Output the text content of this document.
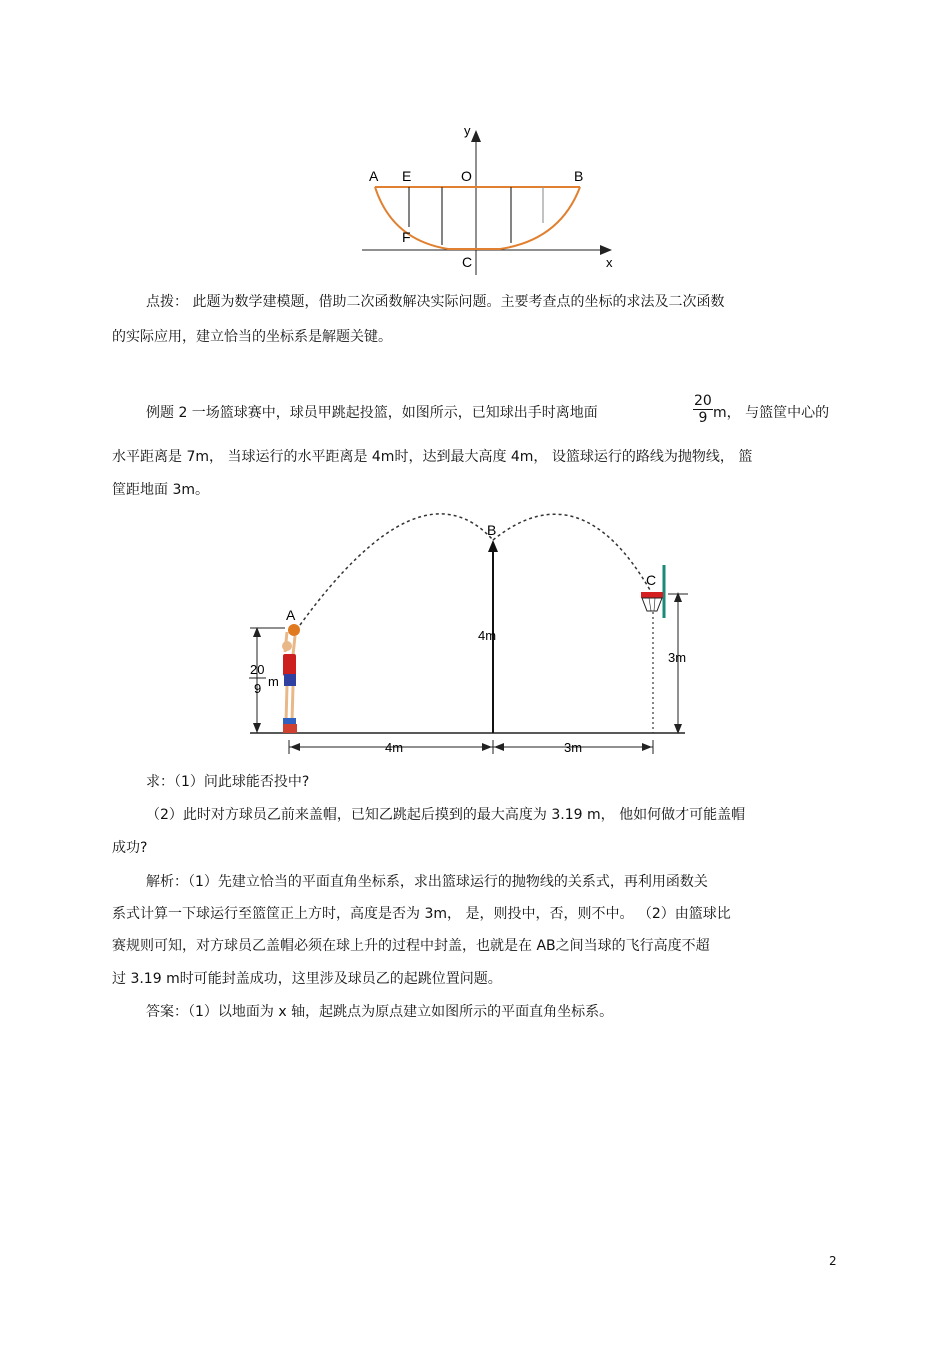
A E	O	B
F
C	x
y
点拨： 此题为数学建模题，借助二次函数解决实际问题。主要考查点的坐标的求法及二次函数
的实际应用，建立恰当的坐标系是解题关键。
例题 2 一场篮球赛中，球员甲跳起投篮，如图所示，已知球出手时离地面	$\frac{20}{9}$ m， 与篮筐中心的
水平距离是 7m， 当球运行的水平距离是 4m时，达到最大高度 4m， 设篮球运行的路线为抛物线， 篮
筐距地面 3m。
A
B
C
4m
3m
4m	3m
20
9 m
求：（1）问此球能否投中?
（2）此时对方球员乙前来盖帽，已知乙跳起后摸到的最大高度为 3.19 m， 他如何做才可能盖帽
成功?
解析：（1）先建立恰当的平面直角坐标系，求出篮球运行的抛物线的关系式，再利用函数关
系式计算一下球运行至篮筐正上方时，高度是否为 3m， 是，则投中，否，则不中。 （2）由篮球比
赛规则可知，对方球员乙盖帽必须在球上升的过程中封盖，也就是在 AB之间当球的飞行高度不超
过 3.19 m时可能封盖成功，这里涉及球员乙的起跳位置问题。
答案：（1）以地面为 x 轴，起跳点为原点建立如图所示的平面直角坐标系。
2
